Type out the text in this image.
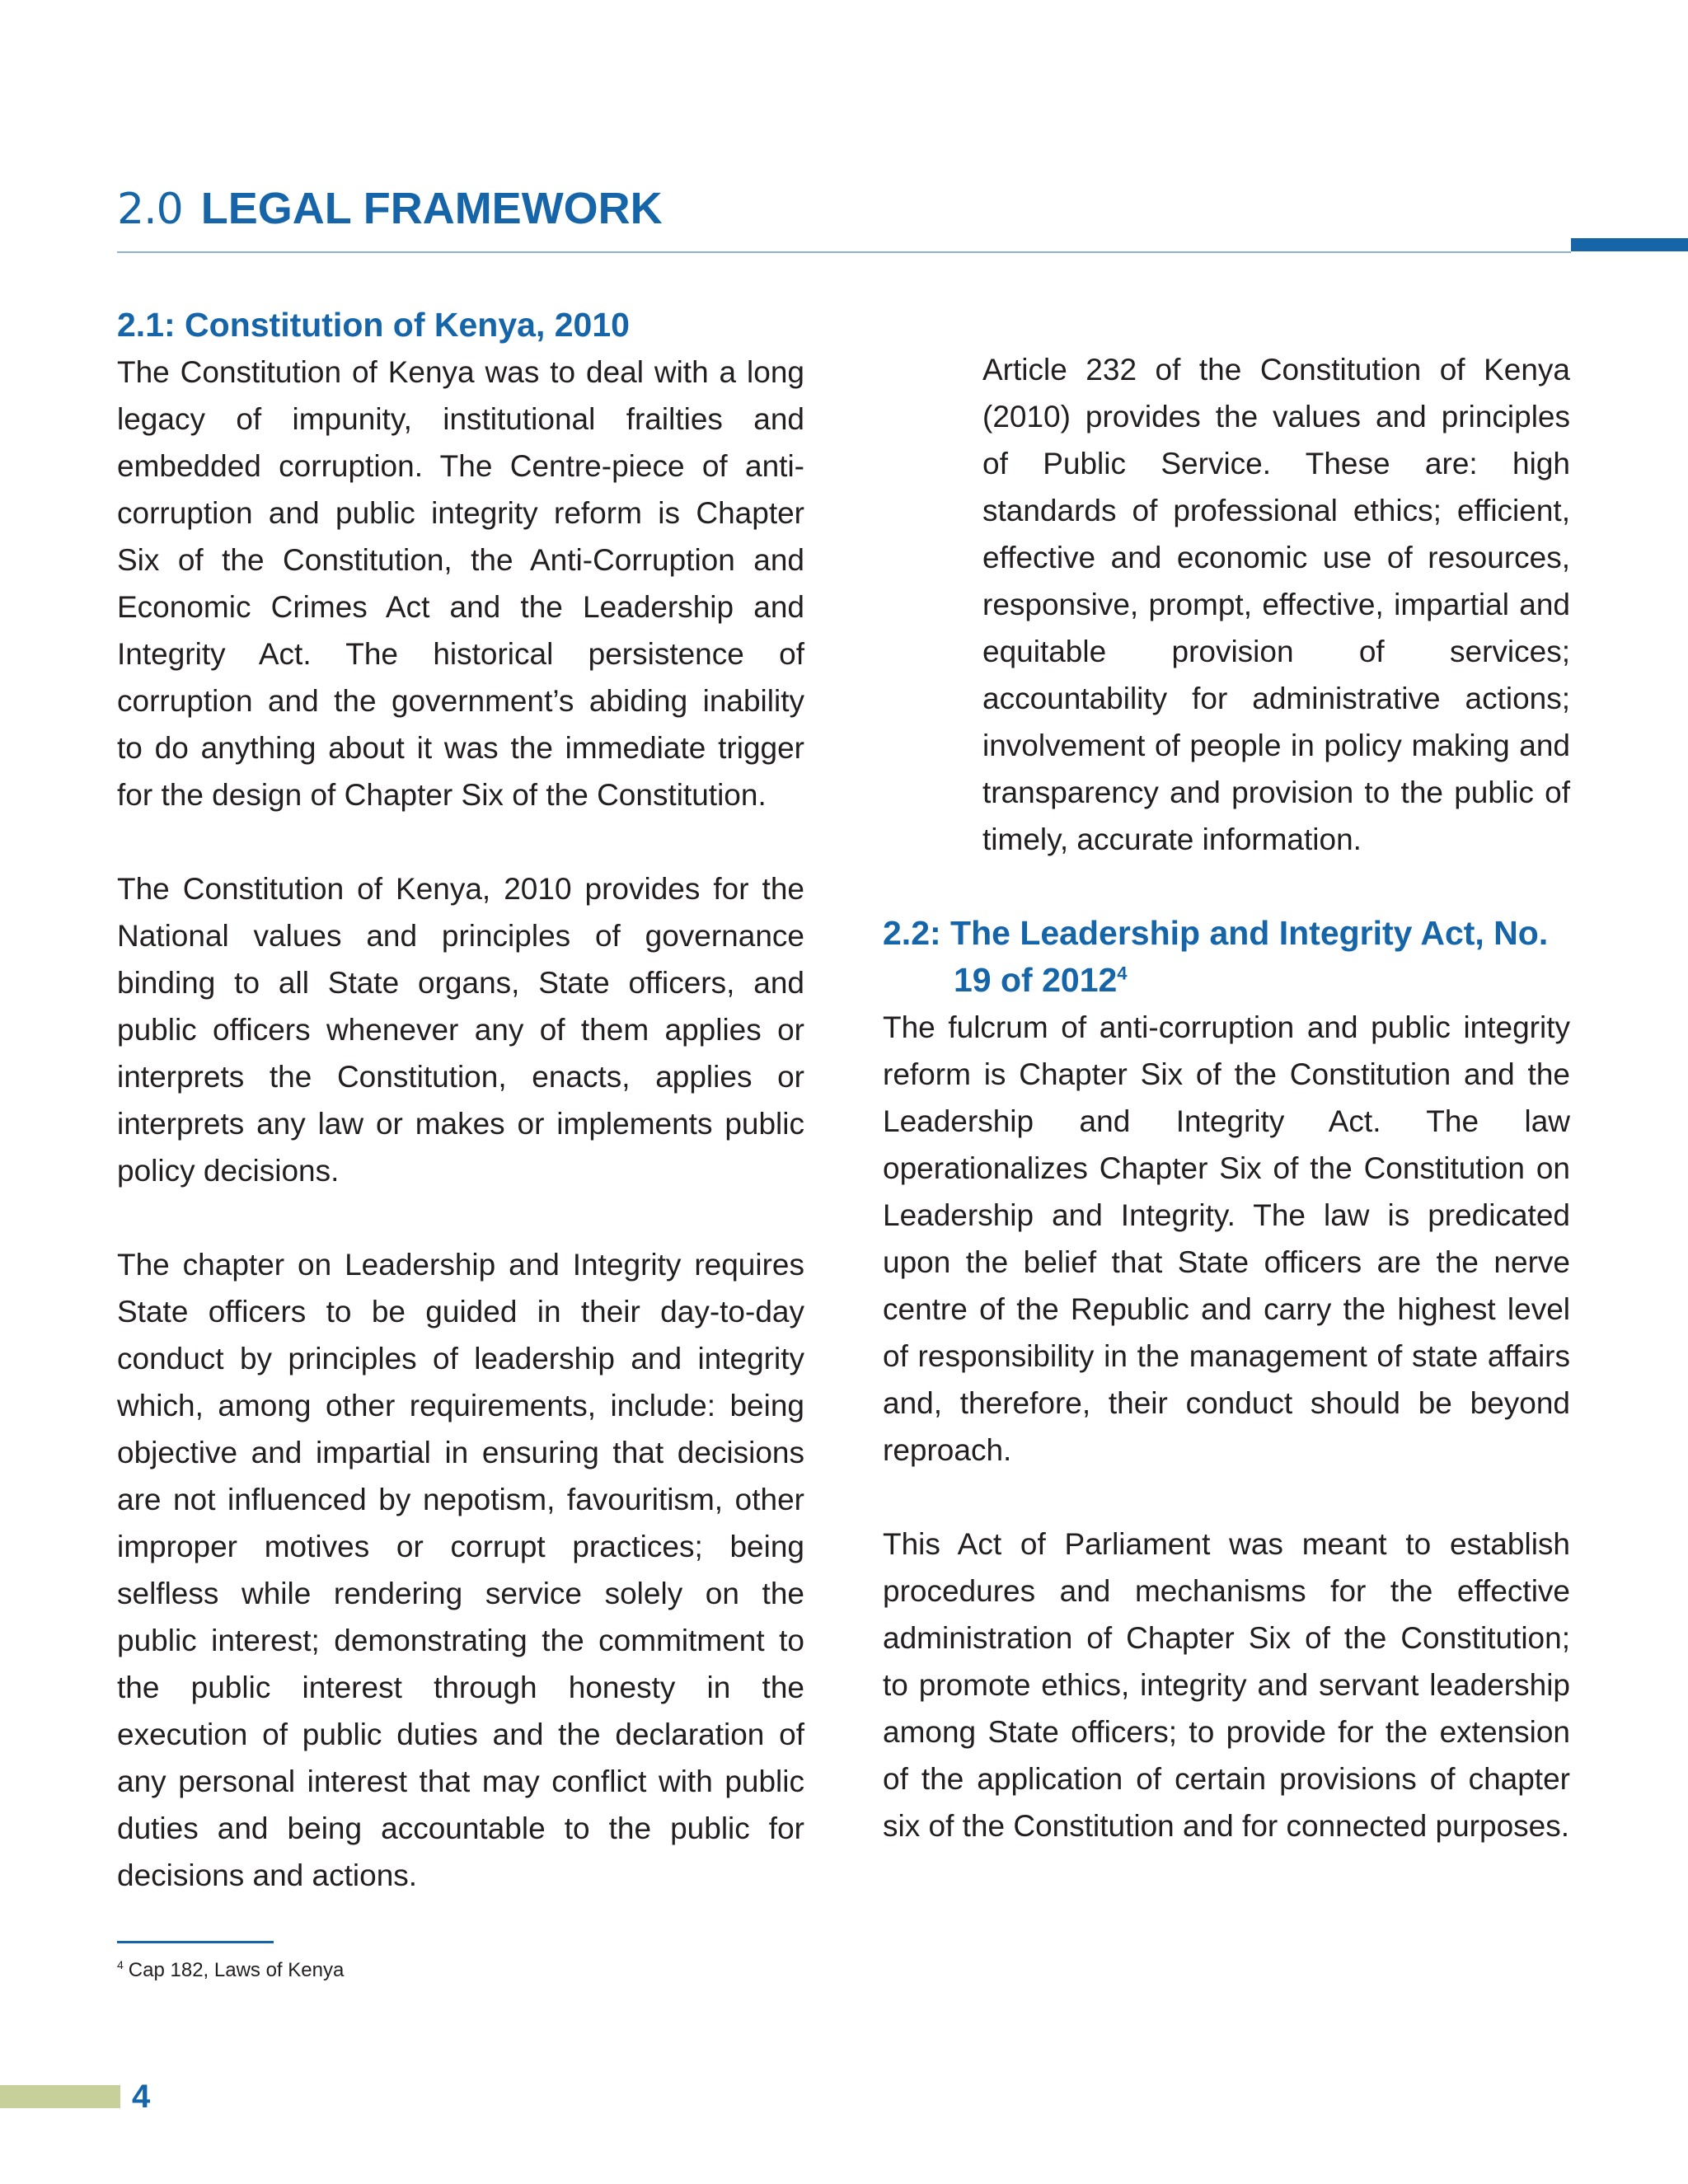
2.0 LEGAL FRAMEWORK
2.1: Constitution of Kenya, 2010

The Constitution of Kenya was to deal with a long legacy of impunity, institutional frailties and embedded corruption. The Centre-piece of anti-corruption and public integrity reform is Chapter Six of the Constitution, the Anti-Corruption and Economic Crimes Act and the Leadership and Integrity Act. The historical persistence of corruption and the government’s abiding inability to do anything about it was the immediate trigger for the design of Chapter Six of the Constitution.

The Constitution of Kenya, 2010 provides for the National values and principles of governance binding to all State organs, State officers, and public officers whenever any of them applies or interprets the Constitution, enacts, applies or interprets any law or makes or implements public policy decisions.

The chapter on Leadership and Integrity requires State officers to be guided in their day-to-day conduct by principles of leadership and integrity which, among other requirements, include: being objective and impartial in ensuring that decisions are not influenced by nepotism, favouritism, other improper motives or corrupt practices; being selfless while rendering service solely on the public interest; demonstrating the commitment to the public interest through honesty in the execution of public duties and the declaration of any personal interest that may conflict with public duties and being accountable to the public for decisions and actions.

Article 232 of the Constitution of Kenya (2010) provides the values and principles of Public Service. These are: high standards of professional ethics; efficient, effective and economic use of resources, responsive, prompt, effective, impartial and equitable provision of services; accountability for administrative actions; involvement of people in policy making and transparency and provision to the public of timely, accurate information.

2.2: The Leadership and Integrity Act, No. 19 of 2012$^4$

The fulcrum of anti-corruption and public integrity reform is Chapter Six of the Constitution and the Leadership and Integrity Act. The law operationalizes Chapter Six of the Constitution on Leadership and Integrity. The law is predicated upon the belief that State officers are the nerve centre of the Republic and carry the highest level of responsibility in the management of state affairs and, therefore, their conduct should be beyond reproach.

This Act of Parliament was meant to establish procedures and mechanisms for the effective administration of Chapter Six of the Constitution; to promote ethics, integrity and servant leadership among State officers; to provide for the extension of the application of certain provisions of chapter six of the Constitution and for connected purposes.

$^4$ Cap 182, Laws of Kenya
4
